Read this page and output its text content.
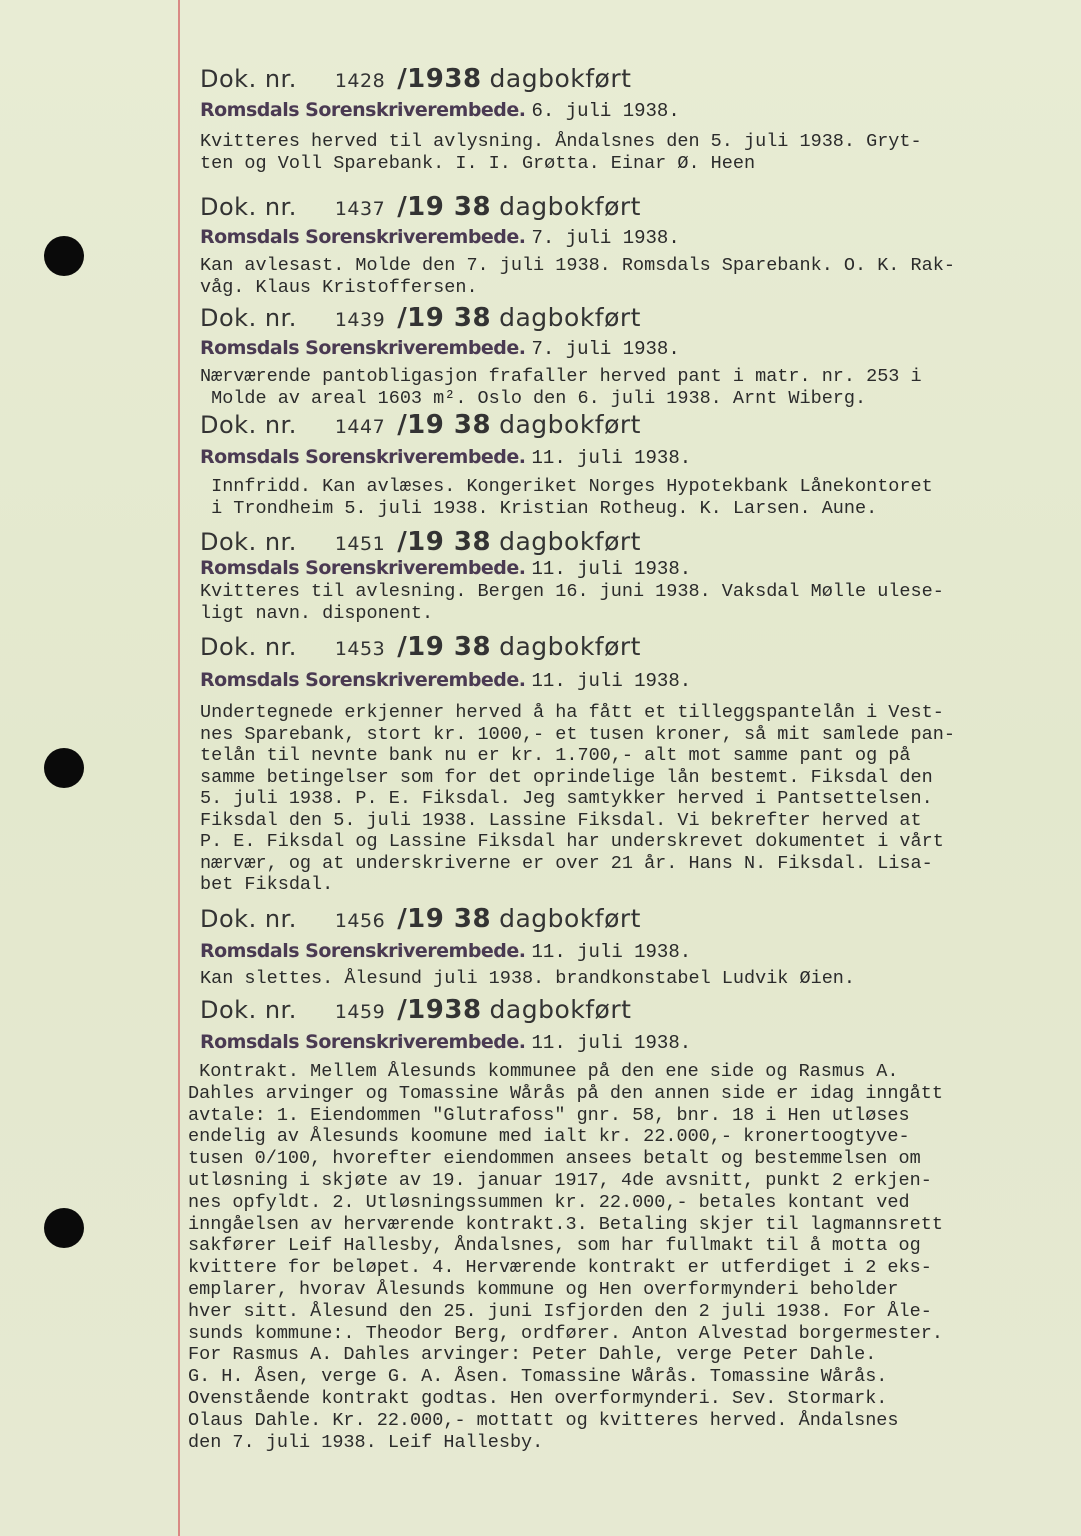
Dok. nr. 1428 /1938 dagbokført
Romsdals Sorenskriverembede. 6. juli 1938.
Kvitteres herved til avlysning. Åndalsnes den 5. juli 1938. Gryt-
ten og Voll Sparebank. I. I. Grøtta. Einar Ø. Heen
Dok. nr. 1437 /19 38 dagbokført
Romsdals Sorenskriverembede. 7. juli 1938.
Kan avlesast. Molde den 7. juli 1938. Romsdals Sparebank. O. K. Rak-
våg. Klaus Kristoffersen.
Dok. nr. 1439 /19 38 dagbokført
Romsdals Sorenskriverembede. 7. juli 1938.
Nærværende pantobligasjon frafaller herved pant i matr. nr. 253 i
Molde av areal 1603 m². Oslo den 6. juli 1938. Arnt Wiberg.
Dok. nr. 1447 /19 38 dagbokført
Romsdals Sorenskriverembede. 11. juli 1938.
Innfridd. Kan avlæses. Kongeriket Norges Hypotekbank Lånekontoret
i Trondheim 5. juli 1938. Kristian Rotheug. K. Larsen. Aune.
Dok. nr. 1451 /19 38 dagbokført
Romsdals Sorenskriverembede. 11. juli 1938.
Kvitteres til avlesning. Bergen 16. juni 1938. Vaksdal Mølle ulese-
ligt navn. disponent.
Dok. nr. 1453 /19 38 dagbokført
Romsdals Sorenskriverembede. 11. juli 1938.
Undertegnede erkjenner herved å ha fått et tilleggspantelån i Vest-
nes Sparebank, stort kr. 1000,- et tusen kroner, så mit samlede pan-
telån til nevnte bank nu er kr. 1.700,- alt mot samme pant og på
samme betingelser som for det oprindelige lån bestemt. Fiksdal den
5. juli 1938. P. E. Fiksdal. Jeg samtykker herved i Pantsettelsen.
Fiksdal den 5. juli 1938. Lassine Fiksdal. Vi bekrefter herved at
P. E. Fiksdal og Lassine Fiksdal har underskrevet dokumentet i vårt
nærvær, og at underskriverne er over 21 år. Hans N. Fiksdal. Lisa-
bet Fiksdal.
Dok. nr. 1456 /19 38 dagbokført
Romsdals Sorenskriverembede. 11. juli 1938.
Kan slettes. Ålesund juli 1938. brandkonstabel Ludvik Øien.
Dok. nr. 1459 /1938 dagbokført
Romsdals Sorenskriverembede. 11. juli 1938.
Kontrakt. Mellem Ålesunds kommunee på den ene side og Rasmus A.
Dahles arvinger og Tomassine Wårås på den annen side er idag inngått
avtale: 1. Eiendommen "Glutrafoss" gnr. 58, bnr. 18 i Hen utløses
endelig av Ålesunds koomune med ialt kr. 22.000,- kronertoogtyve-
tusen 0/100, hvorefter eiendommen ansees betalt og bestemmelsen om
utløsning i skjøte av 19. januar 1917, 4de avsnitt, punkt 2 erkjen-
nes opfyldt. 2. Utløsningssummen kr. 22.000,- betales kontant ved
inngåelsen av herværende kontrakt.3. Betaling skjer til lagmannsrett
sakfører Leif Hallesby, Åndalsnes, som har fullmakt til å motta og
kvittere for beløpet. 4. Herværende kontrakt er utferdiget i 2 eks-
emplarer, hvorav Ålesunds kommune og Hen overformynderi beholder
hver sitt. Ålesund den 25. juni Isfjorden den 2 juli 1938. For Åle-
sunds kommune:. Theodor Berg, ordfører. Anton Alvestad borgermester.
For Rasmus A. Dahles arvinger: Peter Dahle, verge Peter Dahle.
G. H. Åsen, verge G. A. Åsen. Tomassine Wårås. Tomassine Wårås.
Ovenstående kontrakt godtas. Hen overformynderi. Sev. Stormark.
Olaus Dahle. Kr. 22.000,- mottatt og kvitteres herved. Åndalsnes
den 7. juli 1938. Leif Hallesby.
